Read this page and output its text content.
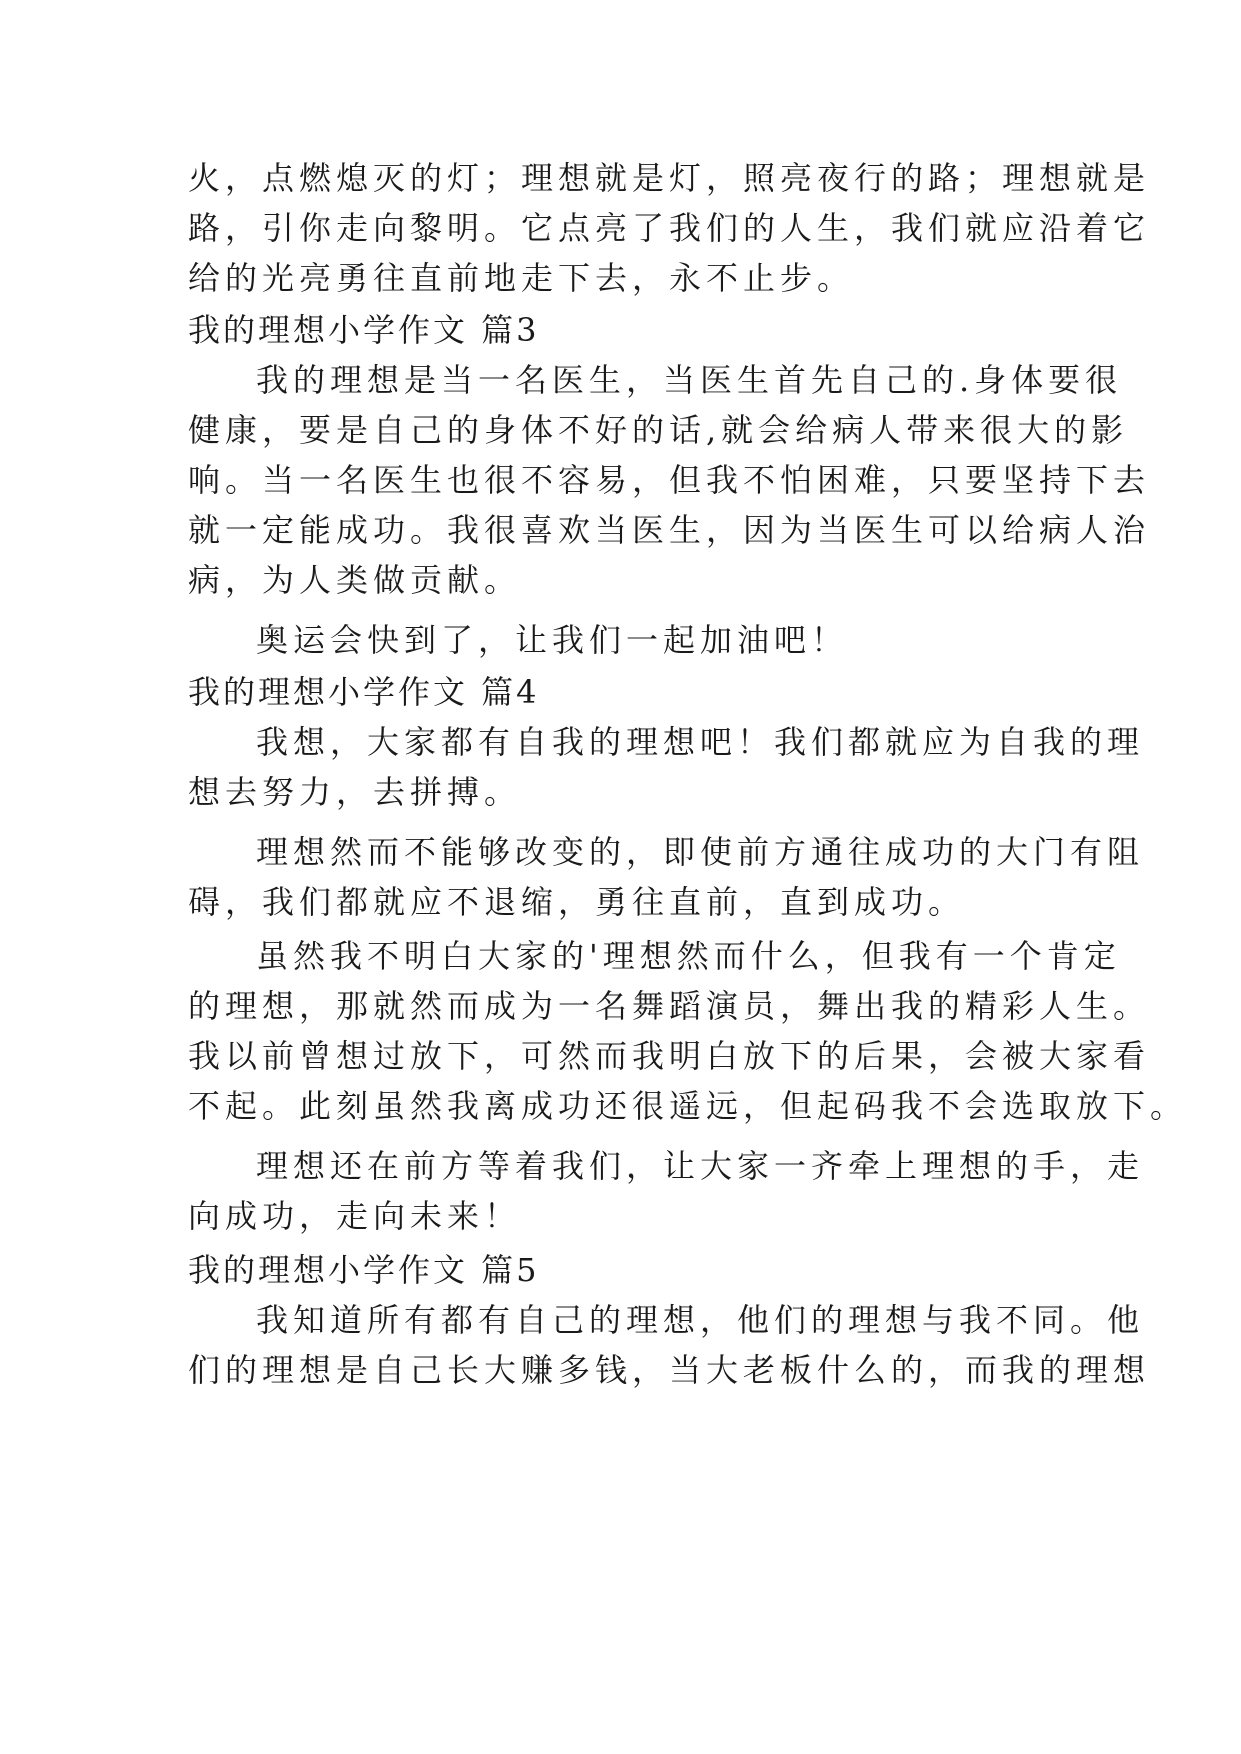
火，点燃熄灭的灯；理想就是灯，照亮夜行的路；理想就是
路，引你走向黎明。它点亮了我们的人生，我们就应沿着它
给的光亮勇往直前地走下去，永不止步。
我的理想小学作文 篇3
我的理想是当一名医生，当医生首先自己的.身体要很
健康，要是自己的身体不好的话,就会给病人带来很大的影
响。当一名医生也很不容易，但我不怕困难，只要坚持下去
就一定能成功。我很喜欢当医生，因为当医生可以给病人治
病，为人类做贡献。
奥运会快到了，让我们一起加油吧！
我的理想小学作文 篇4
我想，大家都有自我的理想吧！我们都就应为自我的理
想去努力，去拼搏。
理想然而不能够改变的，即使前方通往成功的大门有阻
碍，我们都就应不退缩，勇往直前，直到成功。
虽然我不明白大家的'理想然而什么，但我有一个肯定
的理想，那就然而成为一名舞蹈演员，舞出我的精彩人生。
我以前曾想过放下，可然而我明白放下的后果，会被大家看
不起。此刻虽然我离成功还很遥远，但起码我不会选取放下。
理想还在前方等着我们，让大家一齐牵上理想的手，走
向成功，走向未来！
我的理想小学作文 篇5
我知道所有都有自己的理想，他们的理想与我不同。他
们的理想是自己长大赚多钱，当大老板什么的，而我的理想
